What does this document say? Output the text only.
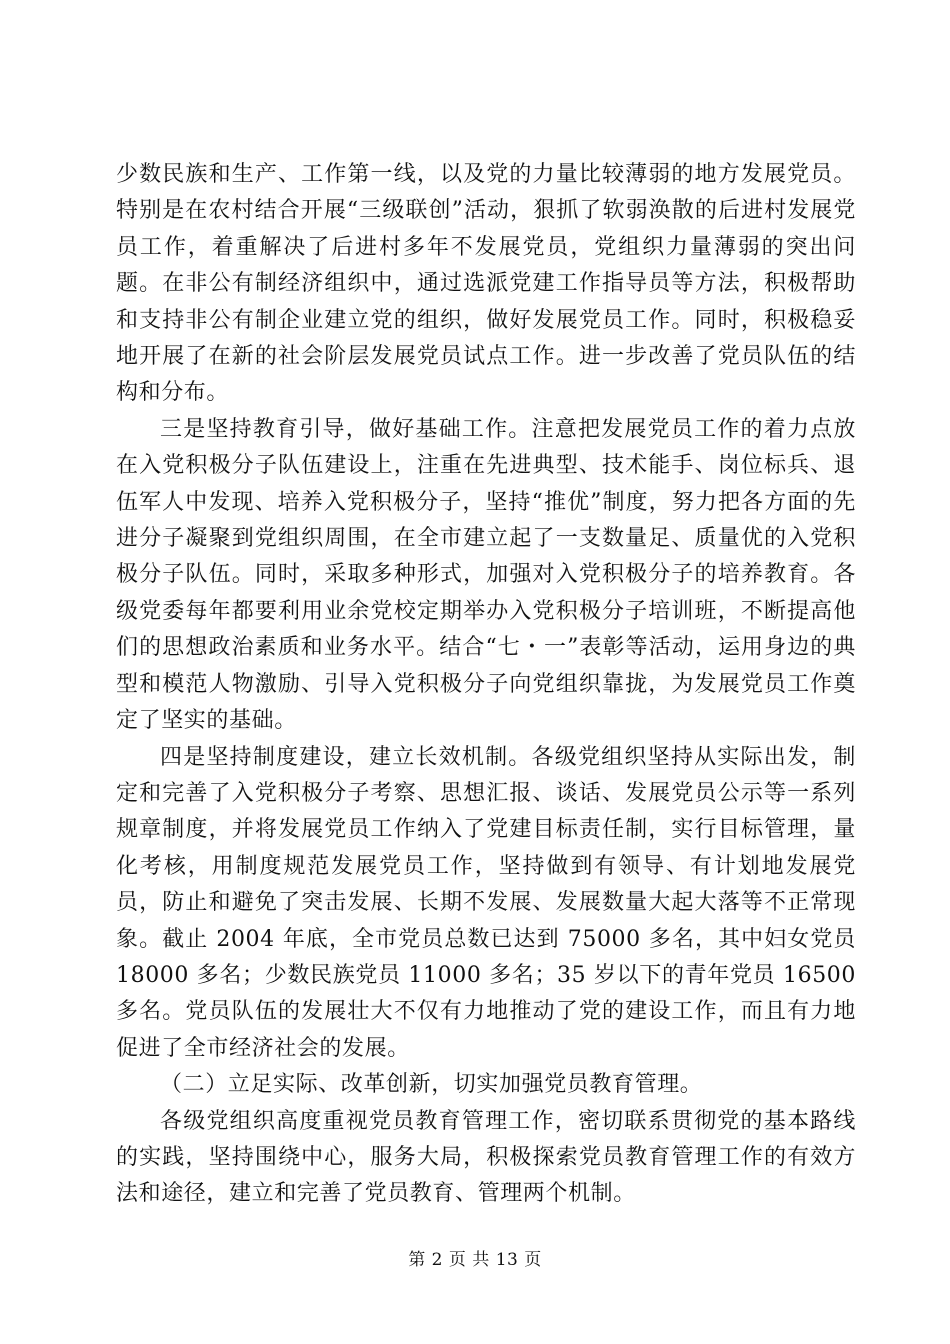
少数民族和生产、工作第一线，以及党的力量比较薄弱的地方发展党员。特别是在农村结合开展“三级联创”活动，狠抓了软弱涣散的后进村发展党员工作，着重解决了后进村多年不发展党员，党组织力量薄弱的突出问题。在非公有制经济组织中，通过选派党建工作指导员等方法，积极帮助和支持非公有制企业建立党的组织，做好发展党员工作。同时，积极稳妥地开展了在新的社会阶层发展党员试点工作。进一步改善了党员队伍的结构和分布。

三是坚持教育引导，做好基础工作。注意把发展党员工作的着力点放在入党积极分子队伍建设上，注重在先进典型、技术能手、岗位标兵、退伍军人中发现、培养入党积极分子，坚持“推优”制度，努力把各方面的先进分子凝聚到党组织周围，在全市建立起了一支数量足、质量优的入党积极分子队伍。同时，采取多种形式，加强对入党积极分子的培养教育。各级党委每年都要利用业余党校定期举办入党积极分子培训班，不断提高他们的思想政治素质和业务水平。结合“七・一”表彰等活动，运用身边的典型和模范人物激励、引导入党积极分子向党组织靠拢，为发展党员工作奠定了坚实的基础。

四是坚持制度建设，建立长效机制。各级党组织坚持从实际出发，制定和完善了入党积极分子考察、思想汇报、谈话、发展党员公示等一系列规章制度，并将发展党员工作纳入了党建目标责任制，实行目标管理，量化考核，用制度规范发展党员工作，坚持做到有领导、有计划地发展党员，防止和避免了突击发展、长期不发展、发展数量大起大落等不正常现象。截止 2004 年底，全市党员总数已达到 75000 多名，其中妇女党员 18000 多名；少数民族党员 11000 多名；35 岁以下的青年党员 16500 多名。党员队伍的发展壮大不仅有力地推动了党的建设工作，而且有力地促进了全市经济社会的发展。

（二）立足实际、改革创新，切实加强党员教育管理。

各级党组织高度重视党员教育管理工作，密切联系贯彻党的基本路线的实践，坚持围绕中心，服务大局，积极探索党员教育管理工作的有效方法和途径，建立和完善了党员教育、管理两个机制。

第 2 页 共 13 页
